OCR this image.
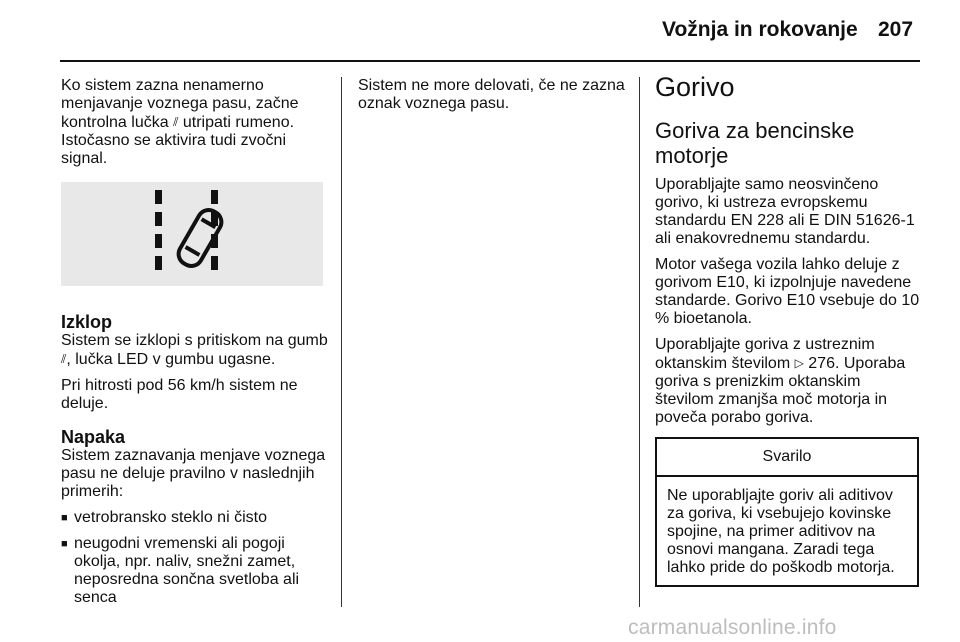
Vožnja in rokovanje 207

Ko sistem zazna nenamerno menjavanje voznega pasu, začne kontrolna lučka ⫽ utripati rumeno. Istočasno se aktivira tudi zvočni signal.

Izklop

Sistem se izklopi s pritiskom na gumb ⫽, lučka LED v gumbu ugasne.

Pri hitrosti pod 56 km/h sistem ne deluje.

Napaka

Sistem zaznavanja menjave voznega pasu ne deluje pravilno v naslednjih primerih:

■ vetrobransko steklo ni čisto
■ neugodni vremenski ali pogoji okolja, npr. naliv, snežni zamet, neposredna sončna svetloba ali senca

Sistem ne more delovati, če ne zazna oznak voznega pasu.

Gorivo
Goriva za bencinske motorje

Uporabljajte samo neosvinčeno gorivo, ki ustreza evropskemu standardu EN 228 ali E DIN 51626-1 ali enakovrednemu standardu.

Motor vašega vozila lahko deluje z gorivom E10, ki izpolnjuje navedene standarde. Gorivo E10 vsebuje do 10 % bioetanola.

Uporabljajte goriva z ustreznim oktanskim številom ▷ 276. Uporaba goriva s prenizkim oktanskim številom zmanjša moč motorja in poveča porabo goriva.

Svarilo
Ne uporabljajte goriv ali aditivov za goriva, ki vsebujejo kovinske spojine, na primer aditivov na osnovi mangana. Zaradi tega lahko pride do poškodb motorja.
carmanualsonline.info
